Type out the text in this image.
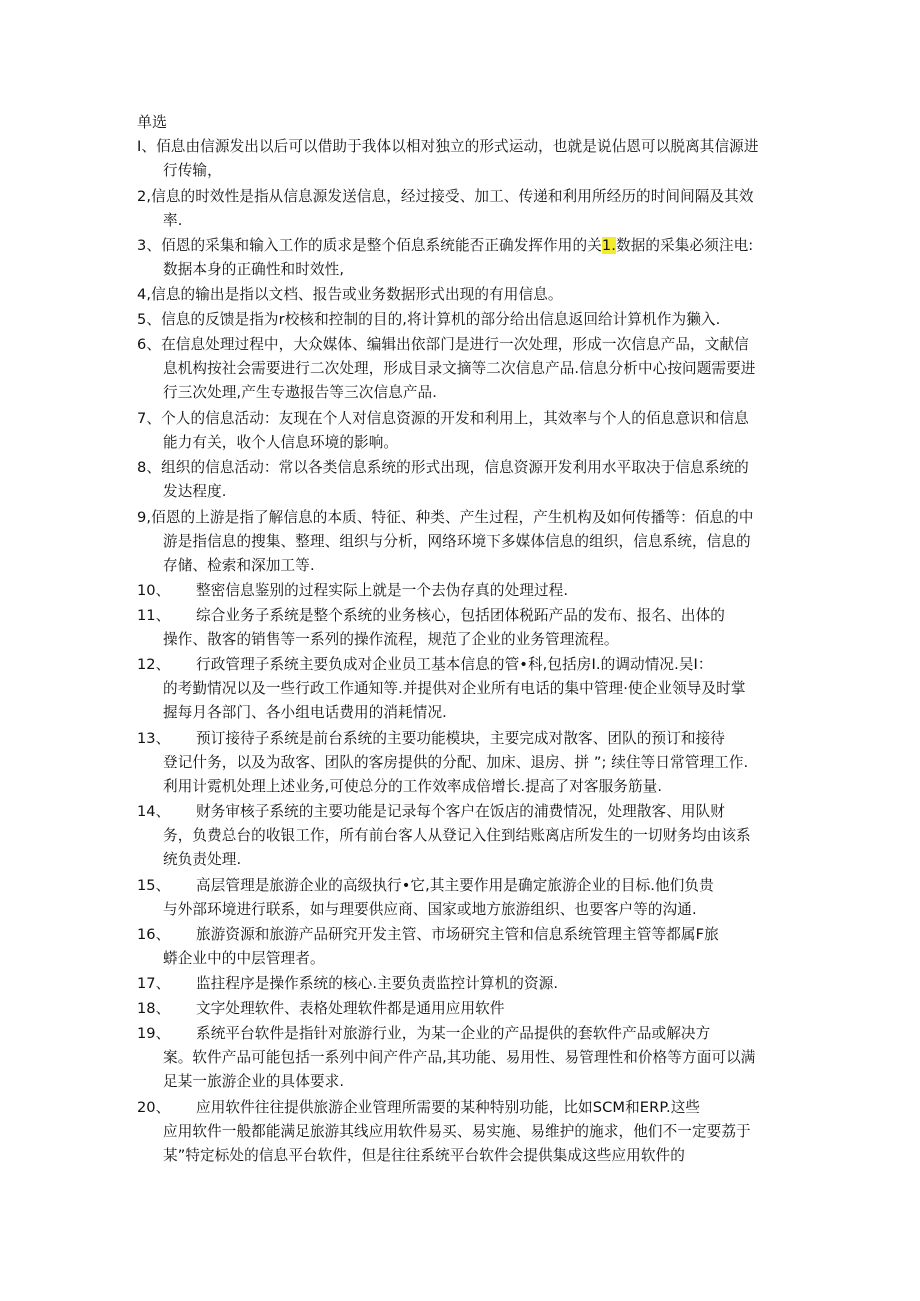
单选
I、佰息由信源发出以后可以借助于我体以相对独立的形式运动，也就是说佔恩可以脱离其信源进
行传输，
2,信息的时效性是指从信息源发送信息，经过接受、加工、传递和利用所经历的时间间隔及其效
率.
3、佰恩的采集和输入工作的质求是整个佰息系统能否正确发挥作用的关1.数据的采集必须注电:
数据本身的正确性和时效性,
4,信息的输出是指以文档、报告或业务数据形式出现的有用信息。
5、信息的反馈是指为r校核和控制的目的,将计算机的部分给出信息返回给计算机作为獭入.
6、在信息处理过程中，大众媒体、编辑出依部门是进行一次处理，形成一次信息产品，文献信
息机构按社会需要进行二次处理，形成目录文摘等二次信息产品.信息分析中心按问题需要进
行三次处理,产生专遨报告等三次信息产品.
7、个人的信息活动：友现在个人对信息资源的开发和利用上，其效率与个人的佰息意识和信息
能力有关，收个人信息环境的影响。
8、组织的信息活动：常以各类信息系统的形式出现，信息资源开发利用水平取决于信息系统的
发达程度.
9,佰恩的上游是指了解信息的本质、特征、种类、产生过程，产生机构及如何传播等：佰息的中
游是指信息的搜集、整理、组织与分析，网络环境下多媒体信息的组织，信息系统，信息的
存储、检索和深加工等.
10、 整密信息鉴别的过程实际上就是一个去伪存真的处理过程.
11、 综合业务子系统是整个系统的业务核心，包括团体税跖产品的发布、报名、出体的
操作、散客的销售等一系列的操作流程，规范了企业的业务管理流程。
12、 行政管理子系统主要负成对企业员工基本信息的管•科,包括房I.的调动情况.吴I：
的考勤情况以及一些行政工作通知等.并提供对企业所有电话的集中管理·使企业领导及时掌
握每月各部门、各小组电话费用的消耗情况.
13、 预订接待子系统是前台系统的主要功能模块，主要完成对散客、团队的预订和接待
登记什务，以及为敌客、团队的客房提供的分配、加床、退房、拼 ”; 续住等日常管理工作.
利用计霓机处理上述业务,可使总分的工作效率成倍增长.提高了对客服务筋量.
14、 财务审核子系统的主要功能是记录每个客户在饭店的浦费情况，处理散客、用队财
务，负费总台的收银工作，所有前台客人从登记入住到结账离店所发生的一切财务均由该系
统负责处理.
15、 高层管理是旅游企业的高级执行•它,其主要作用是确定旅游企业的目标.他们负贵
与外部环境进行联系，如与理要供应商、国家或地方旅游组织、也要客户等的沟通.
16、 旅游资源和旅游产品研究开发主管、市场研究主管和信息系统管理主管等都属F旅
蟒企业中的中层管理者。
17、 监拄程序是操作系统的核心.主要负责监控计算机的资源.
18、 文字处理软件、表格处理软件都是通用应用软件
19、 系统平台软件是指针对旅游行业，为某一企业的产品提供的套软件产品或解决方
案。软件产品可能包括一系列中间产件产品,其功能、易用性、易管理性和价格等方面可以满
足某一旅游企业的具体要求.
20、 应用软件往往提供旅游企业管理所需要的某种特别功能，比如SCM和ERP.这些
应用软件一般都能满足旅游其线应用软件易买、易实施、易维护的施求，他们不一定要荔于
某”特定标处的信息平台软件，但是往往系统平台软件会提供集成这些应用软件的
